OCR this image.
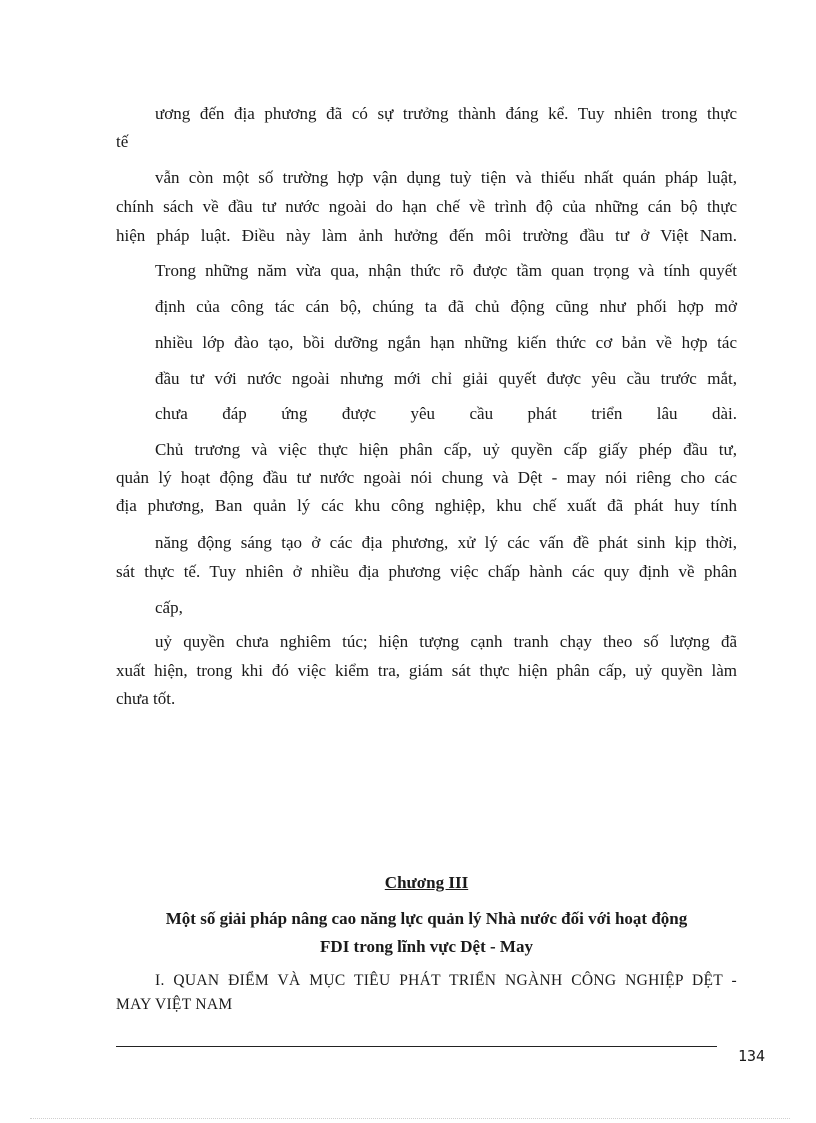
ương đến địa phương đã có sự trưởng thành đáng kể. Tuy nhiên trong thực
tế
vẫn còn một số trường hợp vận dụng tuỳ tiện và thiếu nhất quán pháp luật,
chính sách về đầu tư nước ngoài do hạn chế về trình độ của những cán bộ thực
hiện pháp luật. Điều này làm ảnh hưởng đến môi trường đầu tư ở Việt Nam.
Trong những năm vừa qua, nhận thức rõ được tầm quan trọng và tính quyết
định của công tác cán bộ, chúng ta đã chủ động cũng như phối hợp mở
nhiều lớp đào tạo, bồi dưỡng ngắn hạn những kiến thức cơ bản về hợp tác
đầu tư với nước ngoài nhưng mới chỉ giải quyết được yêu cầu trước mắt,
chưa đáp ứng được yêu cầu phát triển lâu dài.
Chủ trương và việc thực hiện phân cấp, uỷ quyền cấp giấy phép đầu tư,
quản lý hoạt động đầu tư nước ngoài nói chung và Dệt - may nói riêng cho các
địa phương, Ban quản lý các khu công nghiệp, khu chế xuất đã phát huy tính
năng động sáng tạo ở các địa phương, xử lý các vấn đề phát sinh kịp thời,
sát thực tế. Tuy nhiên ở nhiều địa phương việc chấp hành các quy định về phân
cấp,
uỷ quyền chưa nghiêm túc; hiện tượng cạnh tranh chạy theo số lượng đã
xuất hiện, trong khi đó việc kiểm tra, giám sát thực hiện phân cấp, uỷ quyền làm
chưa tốt.
Chương III
Một số giải pháp nâng cao năng lực quản lý Nhà nước đối với hoạt động
FDI trong lĩnh vực Dệt - May
I. QUAN ĐIỂM VÀ MỤC TIÊU PHÁT TRIỂN NGÀNH CÔNG NGHIỆP DỆT -
MAY VIỆT NAM
134
